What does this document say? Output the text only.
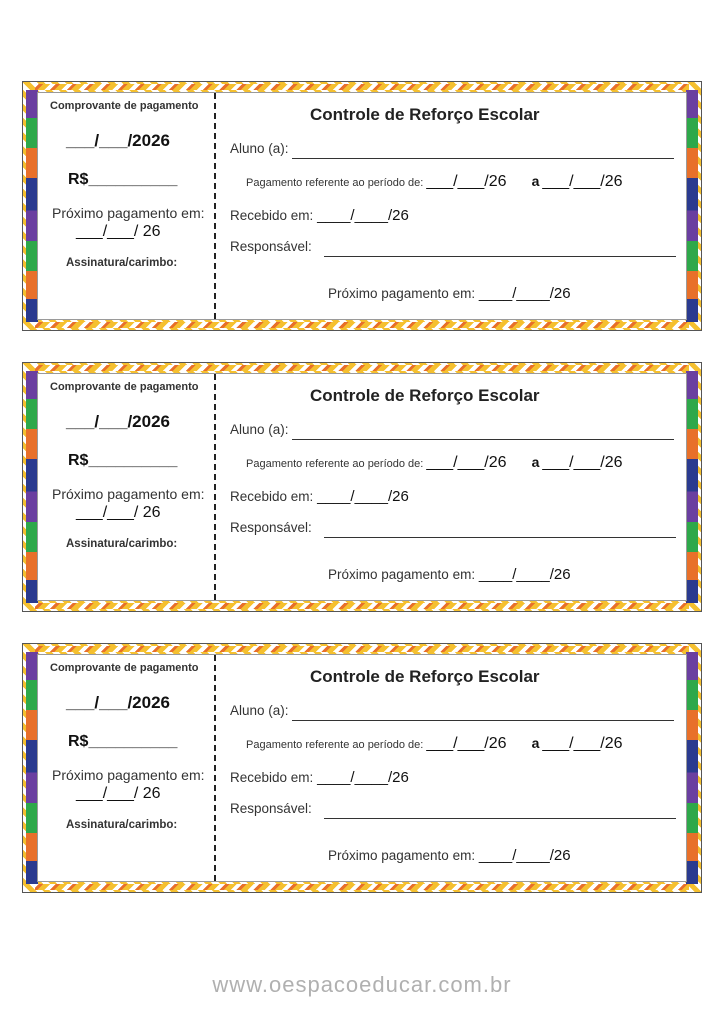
Comprovante de pagamento
___/___/2026
R$__________
Próximo pagamento em:
___/___/ 26
Assinatura/carimbo:
Controle de Reforço Escolar
Aluno (a):
Pagamento referente ao período de: ___/___/26 a ___/___/26
Recebido em: ____/____/26
Responsável:
Próximo pagamento em: ____/____/26
Comprovante de pagamento
___/___/2026
R$__________
Próximo pagamento em:
___/___/ 26
Assinatura/carimbo:
Controle de Reforço Escolar
Aluno (a):
Pagamento referente ao período de: ___/___/26 a ___/___/26
Recebido em: ____/____/26
Responsável:
Próximo pagamento em: ____/____/26
Comprovante de pagamento
___/___/2026
R$__________
Próximo pagamento em:
___/___/ 26
Assinatura/carimbo:
Controle de Reforço Escolar
Aluno (a):
Pagamento referente ao período de: ___/___/26 a ___/___/26
Recebido em: ____/____/26
Responsável:
Próximo pagamento em: ____/____/26
www.oespacoeducar.com.br
